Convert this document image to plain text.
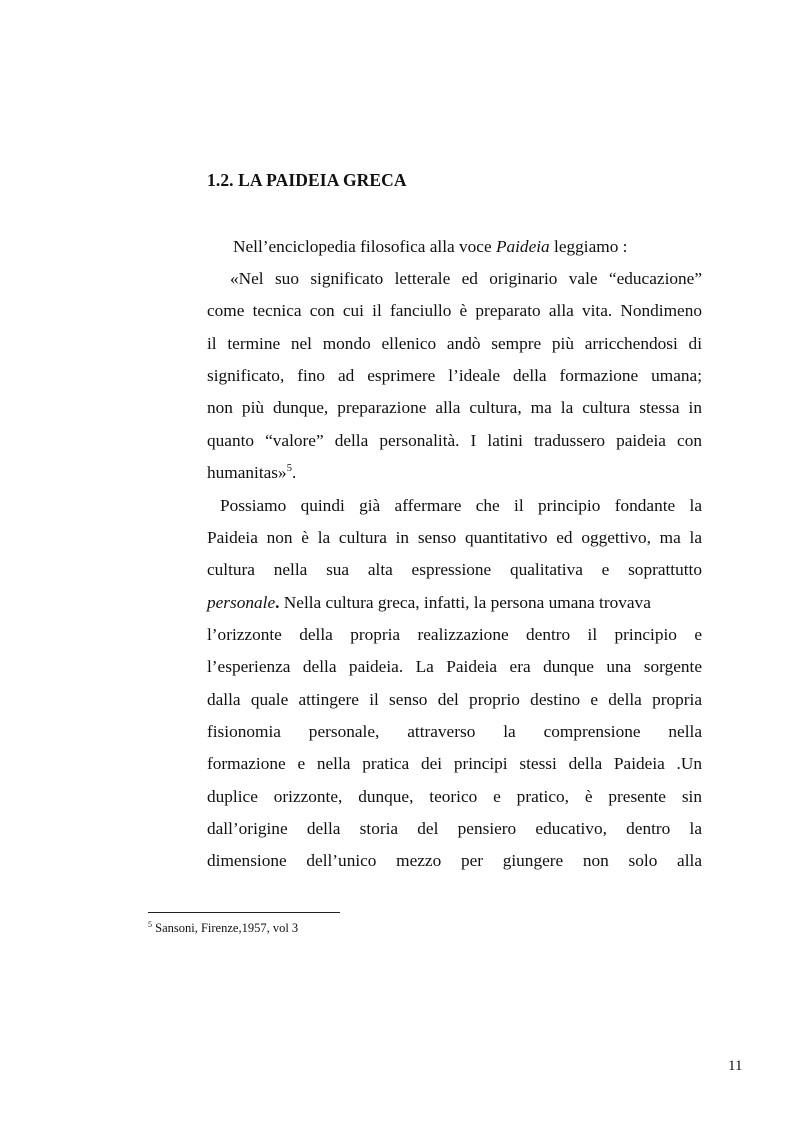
1.2. LA PAIDEIA GRECA
Nell’enciclopedia filosofica alla voce Paideia leggiamo :
«Nel suo significato letterale ed originario vale “educazione”
come tecnica con cui il fanciullo è preparato alla vita. Nondimeno
il termine nel mondo ellenico andò sempre più arricchendosi di
significato, fino ad esprimere l’ideale della formazione umana;
non più dunque, preparazione alla cultura, ma la cultura stessa in
quanto “valore” della personalità. I latini tradussero paideia con
humanitas»$^5$.
Possiamo quindi già affermare che il principio fondante la
Paideia non è la cultura in senso quantitativo ed oggettivo, ma la
cultura nella sua alta espressione qualitativa e soprattutto
personale. Nella cultura greca, infatti, la persona umana trovava
l’orizzonte della propria realizzazione dentro il principio e
l’esperienza della paideia. La Paideia era dunque una sorgente
dalla quale attingere il senso del proprio destino e della propria
fisionomia personale, attraverso la comprensione nella
formazione e nella pratica dei principi stessi della Paideia .Un
duplice orizzonte, dunque, teorico e pratico, è presente sin
dall’origine della storia del pensiero educativo, dentro la
dimensione dell’unico mezzo per giungere non solo alla
$^5$ Sansoni, Firenze,1957, vol 3
11
